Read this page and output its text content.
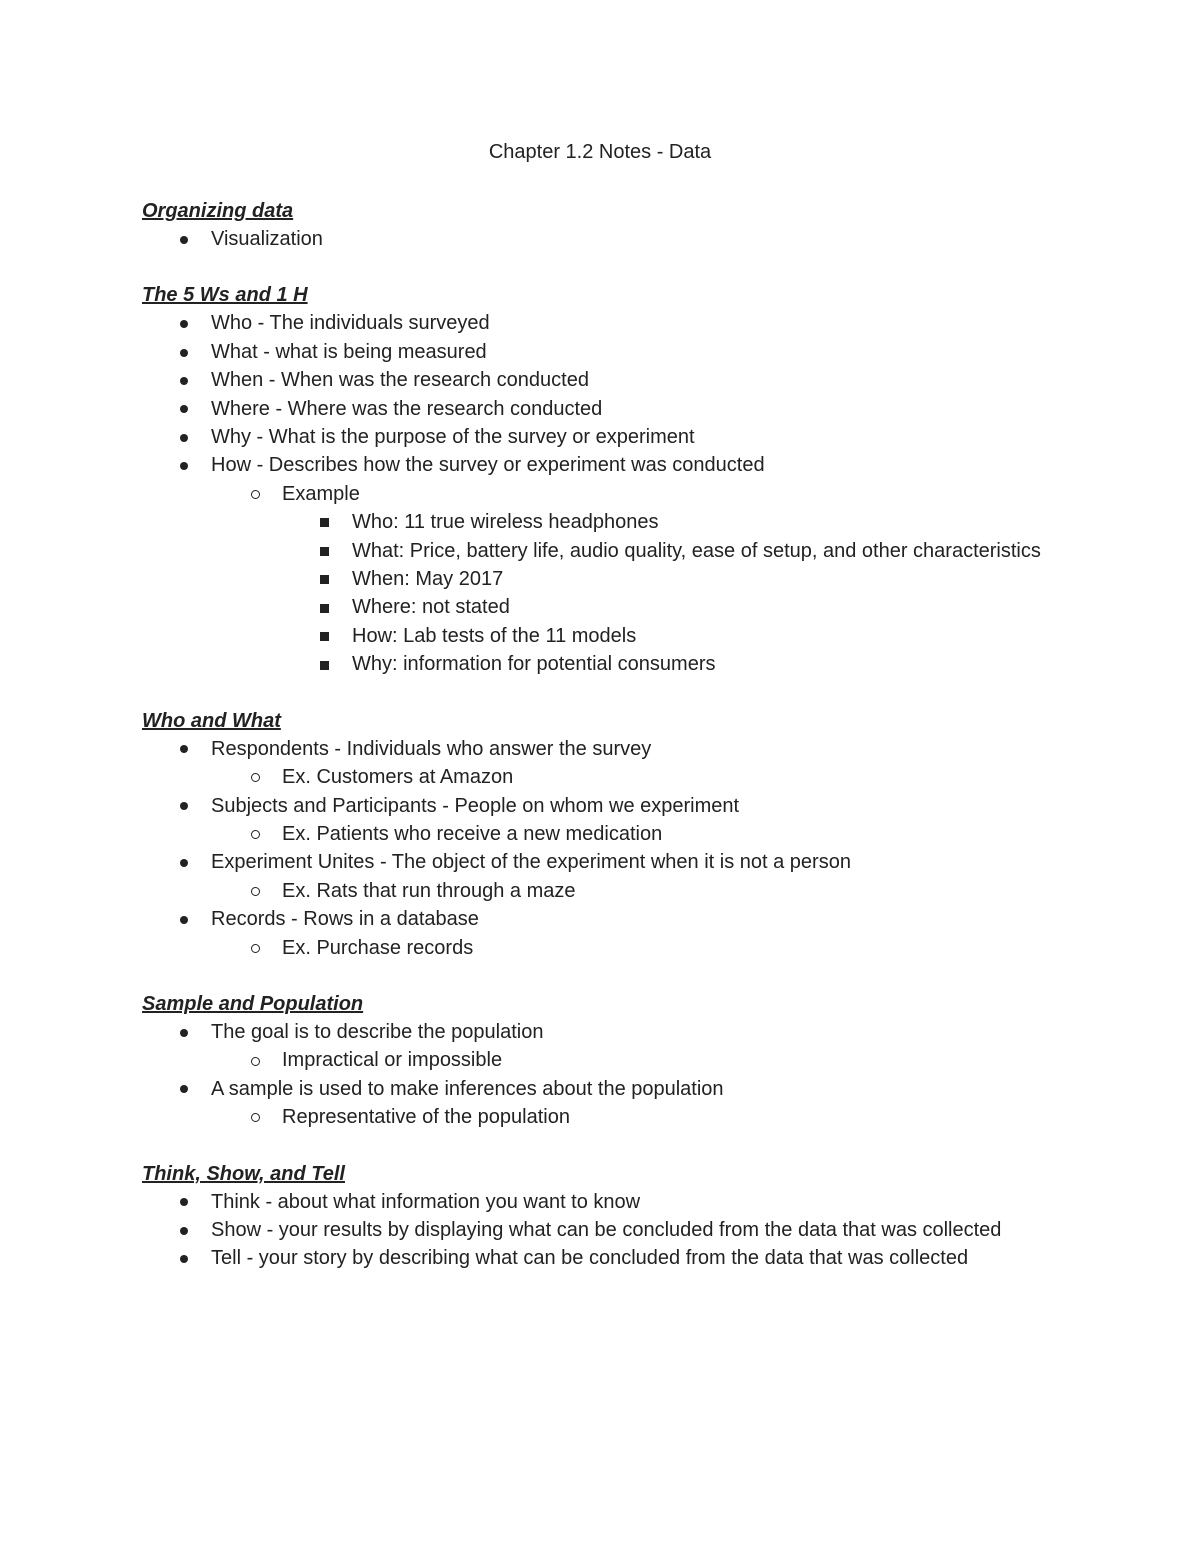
Chapter 1.2 Notes - Data
Organizing data
Visualization
The 5 Ws and 1 H
Who - The individuals surveyed
What - what is being measured
When - When was the research conducted
Where - Where was the research conducted
Why - What is the purpose of the survey or experiment
How - Describes how the survey or experiment was conducted
Example
Who: 11 true wireless headphones
What: Price, battery life, audio quality, ease of setup, and other characteristics
When: May 2017
Where: not stated
How: Lab tests of the 11 models
Why: information for potential consumers
Who and What
Respondents - Individuals who answer the survey
Ex. Customers at Amazon
Subjects and Participants - People on whom we experiment
Ex. Patients who receive a new medication
Experiment Unites - The object of the experiment when it is not a person
Ex. Rats that run through a maze
Records - Rows in a database
Ex. Purchase records
Sample and Population
The goal is to describe the population
Impractical or impossible
A sample is used to make inferences about the population
Representative of the population
Think, Show, and Tell
Think - about what information you want to know
Show - your results by displaying what can be concluded from the data that was collected
Tell - your story by describing what can be concluded from the data that was collected
